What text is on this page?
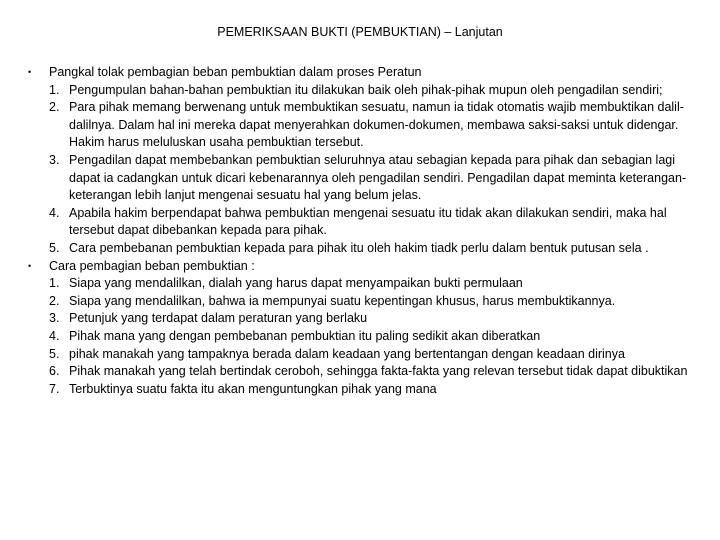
PEMERIKSAAN BUKTI (PEMBUKTIAN) – Lanjutan
•	Pangkal tolak pembagian beban pembuktian dalam proses Peratun
1. Pengumpulan bahan-bahan pembuktian itu dilakukan baik oleh pihak-pihak mupun oleh pengadilan sendiri;
2. Para pihak memang berwenang untuk membuktikan sesuatu, namun ia tidak otomatis wajib membuktikan dalil-dalilnya. Dalam hal ini mereka dapat menyerahkan dokumen-dokumen, membawa saksi-saksi untuk didengar. Hakim harus meluluskan usaha pembuktian tersebut.
3. Pengadilan dapat membebankan pembuktian seluruhnya atau sebagian kepada para pihak dan sebagian lagi dapat ia cadangkan untuk dicari kebenarannya oleh pengadilan sendiri. Pengadilan dapat meminta keterangan-keterangan lebih lanjut mengenai sesuatu hal yang belum jelas.
4. Apabila hakim berpendapat bahwa pembuktian mengenai sesuatu itu tidak akan dilakukan sendiri, maka hal tersebut dapat dibebankan kepada para pihak.
5. Cara pembebanan pembuktian kepada para pihak itu oleh hakim tiadk perlu dalam bentuk putusan sela .
•	Cara pembagian beban pembuktian :
1. Siapa yang mendalilkan, dialah yang harus dapat menyampaikan bukti permulaan
2. Siapa yang mendalilkan, bahwa ia mempunyai suatu kepentingan khusus, harus membuktikannya.
3. Petunjuk yang terdapat dalam peraturan yang berlaku
4. Pihak mana yang dengan pembebanan pembuktian itu paling sedikit akan diberatkan
5. pihak manakah yang tampaknya berada dalam keadaan yang bertentangan dengan keadaan dirinya
6. Pihak manakah yang telah bertindak ceroboh, sehingga fakta-fakta yang relevan tersebut tidak dapat dibuktikan
7. Terbuktinya suatu fakta itu akan menguntungkan pihak yang mana
